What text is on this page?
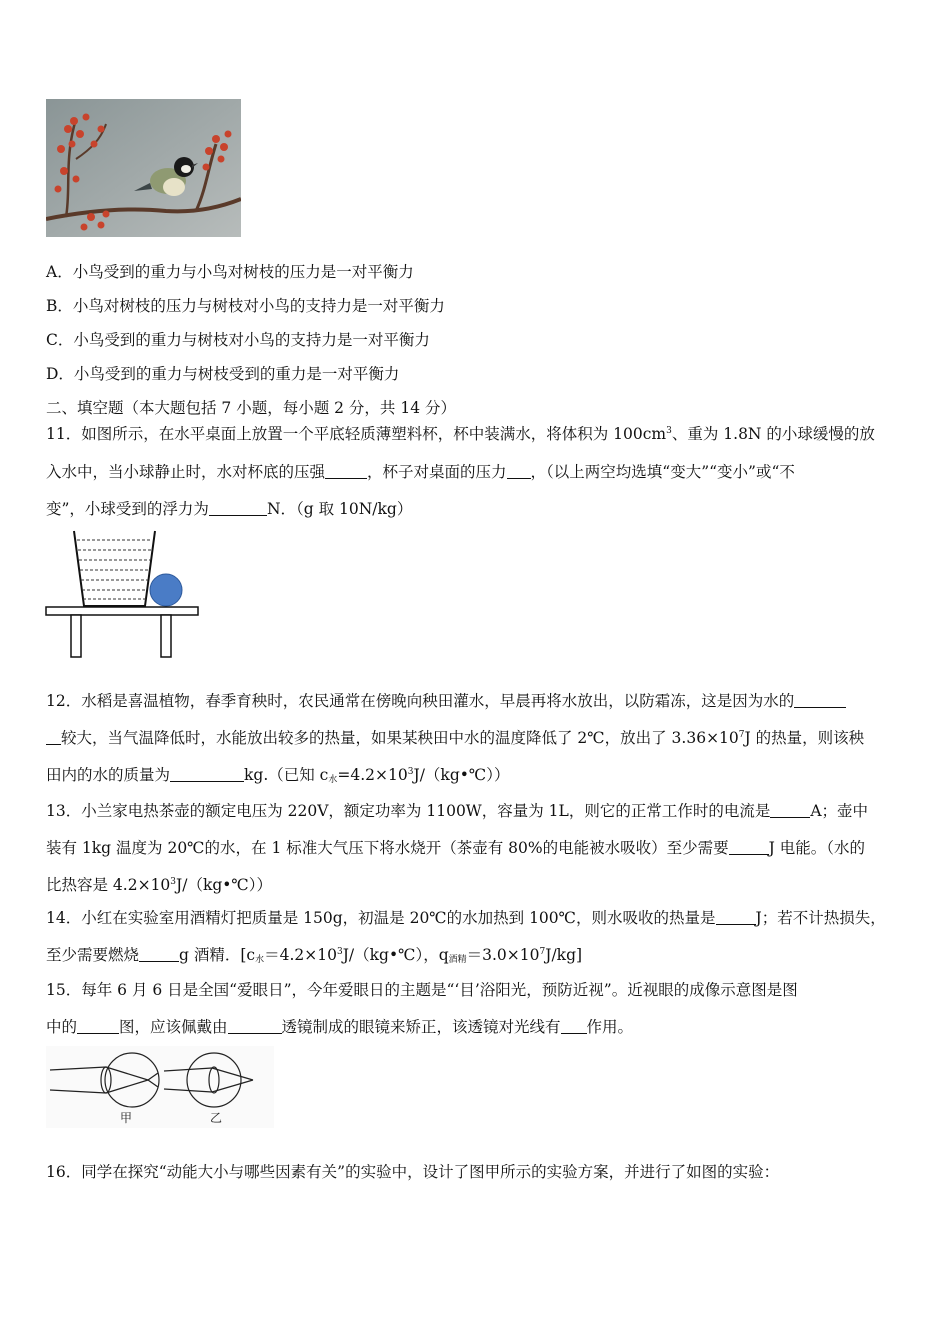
A．小鸟受到的重力与小鸟对树枝的压力是一对平衡力
B．小鸟对树枝的压力与树枝对小鸟的支持力是一对平衡力
C．小鸟受到的重力与树枝对小鸟的支持力是一对平衡力
D．小鸟受到的重力与树枝受到的重力是一对平衡力
二、填空题（本大题包括 7 小题，每小题 2 分，共 14 分）
11．如图所示，在水平桌面上放置一个平底轻质薄塑料杯，杯中装满水，将体积为 $100cm^3$、重为 1.8N 的小球缓慢的放
入水中，当小球静止时，水对杯底的压强	，杯子对桌面的压力 ，（以上两空均选填“变大”“变小”或“不
变”，小球受到的浮力为	N．（g 取 10N/kg）
12．水稻是喜温植物，春季育秧时，农民通常在傍晚向秧田灌水，早晨再将水放出，以防霜冻，这是因为水的
较大，当气温降低时，水能放出较多的热量，如果某秧田中水的温度降低了 2℃，放出了 $3.36\times 10^7J$ 的热量，则该秧
田内的水的质量为	kg.（已知 $c_水=4.2\times 10^3J/(kg•℃)$）
13．小兰家电热茶壶的额定电压为 220V，额定功率为 1100W，容量为 1L，则它的正常工作时的电流是	A；壶中
装有 1kg 温度为 20℃的水，在 1 标准大气压下将水烧开（茶壶有 80%的电能被水吸收）至少需要	J 电能。（水的
比热容是 $4.2\times 10^3J/(kg•℃)$）
14．小红在实验室用酒精灯把质量是 150g，初温是 20℃的水加热到 100℃，则水吸收的热量是	J；若不计热损失，
至少需要燃烧	g 酒精．[$c_水=4.2\times 10^3J/(kg•℃)$，$q_{酒精}=3.0\times 10^7J/kg$]
15．每年 6 月 6 日是全国“爱眼日”，今年爱眼日的主题是“‘目’浴阳光，预防近视”。近视眼的成像示意图是图
中的	图，应该佩戴由	透镜制成的眼镜来矫正，该透镜对光线有 作用。
甲	乙
16．同学在探究“动能大小与哪些因素有关”的实验中，设计了图甲所示的实验方案，并进行了如图的实验：
